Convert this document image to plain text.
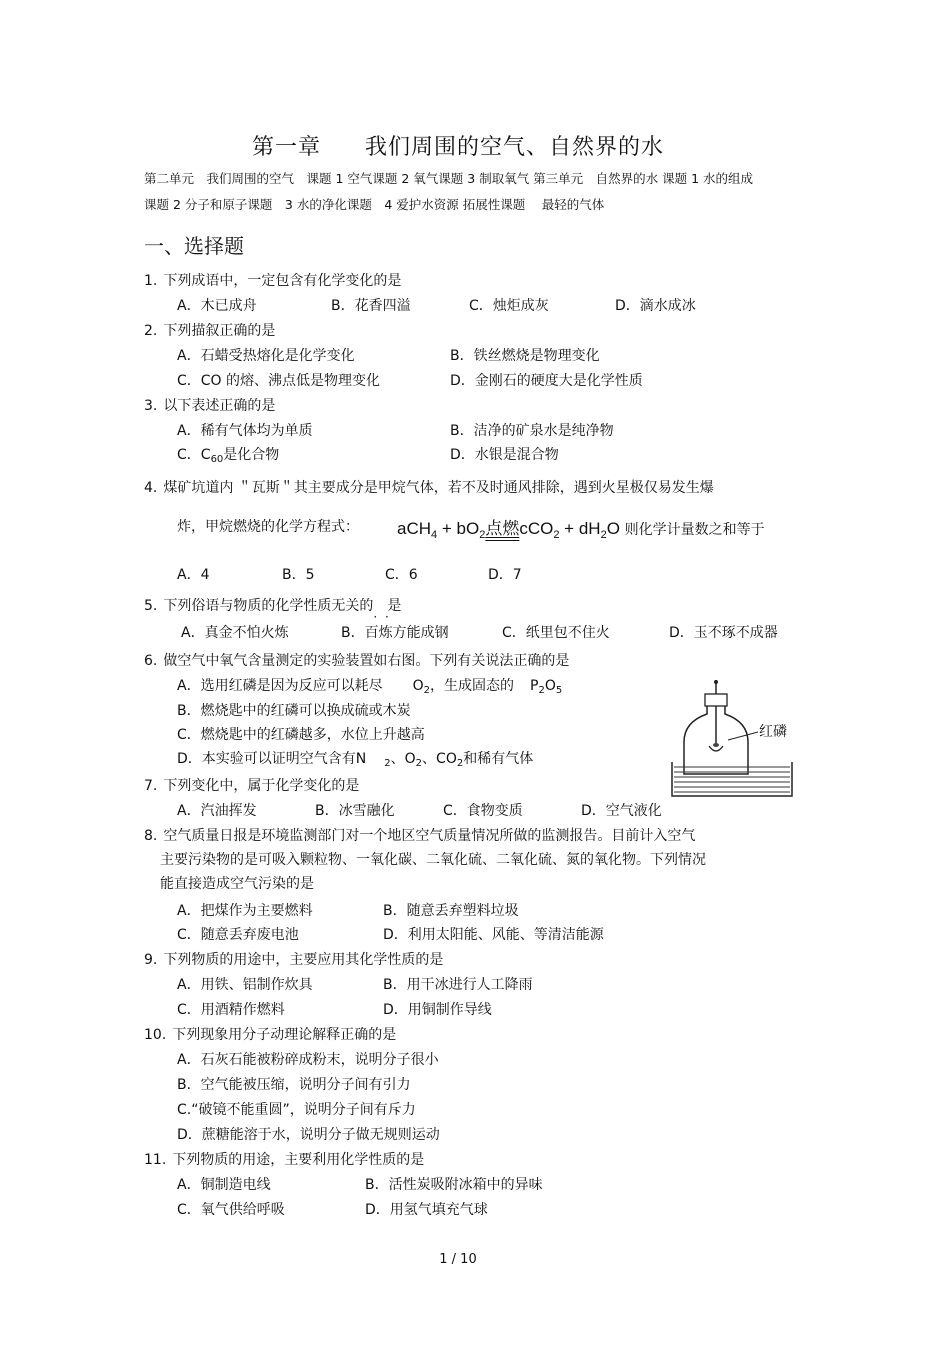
第一章 我们周围的空气、自然界的水
第二单元　我们周围的空气　课题 1 空气课题 2 氧气课题 3 制取氧气 第三单元　自然界的水 课题 1 水的组成
课题 2 分子和原子课题　3 水的净化课题　4 爱护水资源 拓展性课题　 最轻的气体
一、选择题
1. 下列成语中，一定包含有化学变化的是
A．木已成舟	B．花香四溢	C．烛炬成灰	D．滴水成冰
2. 下列描叙正确的是
A．石蜡受热熔化是化学变化	B．铁丝燃烧是物理变化
C．CO 的熔、沸点低是物理变化	D．金刚石的硬度大是化学性质
3. 以下表述正确的是
A．稀有气体均为单质	B．洁净的矿泉水是纯净物
C．$C_{60}$是化合物	D．水银是混合物
4. 煤矿坑道内 ＂瓦斯＂其主要成分是甲烷气体，若不及时通风排除，遇到火星极仅易发生爆
炸，甲烷燃烧的化学方程式： $aCH_4 + bO_2$点燃$cCO_2 + dH_2O$ 则化学计量数之和等于
A．4	B．5	C．6	D．7
5. 下列俗语与物质的化学性质无关的　 · · 是
A．真金不怕火炼	B．百炼方能成钢	C．纸里包不住火	D．玉不琢不成器
6. 做空气中氧气含量测定的实验装置如右图。下列有关说法正确的是
A．选用红磷是因为反应可以耗尽 $O_2$，生成固态的 $P_2O_5$
B．燃烧匙中的红磷可以换成硫或木炭
C．燃烧匙中的红磷越多，水位上升越高
D．本实验可以证明空气含有N $_2$、$O_2$、$CO_2$和稀有气体
红磷
7. 下列变化中，属于化学变化的是
A．汽油挥发	B．冰雪融化	C．食物变质	D．空气液化
8. 空气质量日报是环境监测部门对一个地区空气质量情况所做的监测报告。目前计入空气
主要污染物的是可吸入颗粒物、一氧化碳、二氧化硫、二氧化硫、氮的氧化物。下列情况
能直接造成空气污染的是
A．把煤作为主要燃料	B．随意丢弃塑料垃圾
C．随意丢弃废电池	D．利用太阳能、风能、等清洁能源
9. 下列物质的用途中，主要应用其化学性质的是
A．用铁、铝制作炊具	B．用干冰进行人工降雨
C．用酒精作燃料	D．用铜制作导线
10. 下列现象用分子动理论解释正确的是
A．石灰石能被粉碎成粉末，说明分子很小
B．空气能被压缩，说明分子间有引力
C.“破镜不能重圆”，说明分子间有斥力
D．蔗糖能溶于水，说明分子做无规则运动
11. 下列物质的用途，主要利用化学性质的是
A．铜制造电线	B．活性炭吸附冰箱中的异味
C．氧气供给呼吸	D．用氢气填充气球
1 / 10
